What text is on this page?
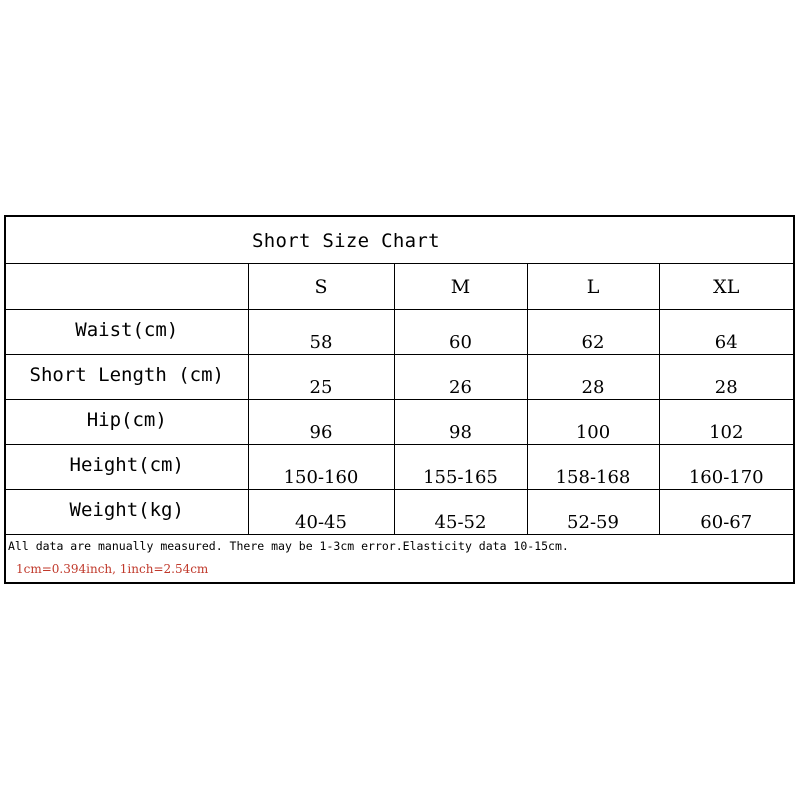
Short Size Chart

	S	M	L	XL

Waist(cm)	58	60	62	64

Short Length (cm)	25	26	28	28

Hip(cm)	96	98	100	102

Height(cm)	150-160	155-165	158-168	160-170

Weight(kg)	40-45	45-52	52-59	60-67
All data are manually measured. There may be 1-3cm error.Elasticity data 10-15cm.
1cm=0.394inch, 1inch=2.54cm
